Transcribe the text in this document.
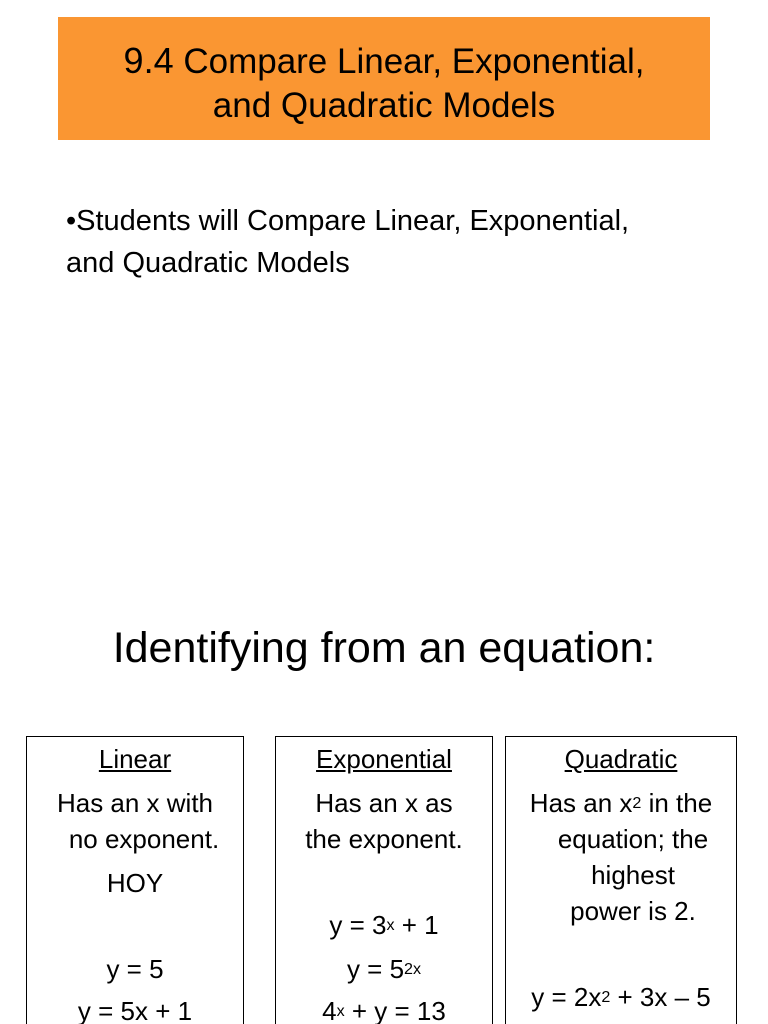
9.4 Compare Linear, Exponential,
and Quadratic Models
•Students will Compare Linear, Exponential,
and Quadratic Models
Identifying from an equation:
Linear
Has an x with
no exponent.
HOY
y = 5
y = 5x + 1
Exponential
Has an x as
the exponent.
$y = 3^x + 1$
$y = 5^{2x}$
$4^x + y = 13$
Quadratic
Has an $x^2$ in the
equation; the
highest
power is 2.
$y = 2x^2 + 3x - 5$
